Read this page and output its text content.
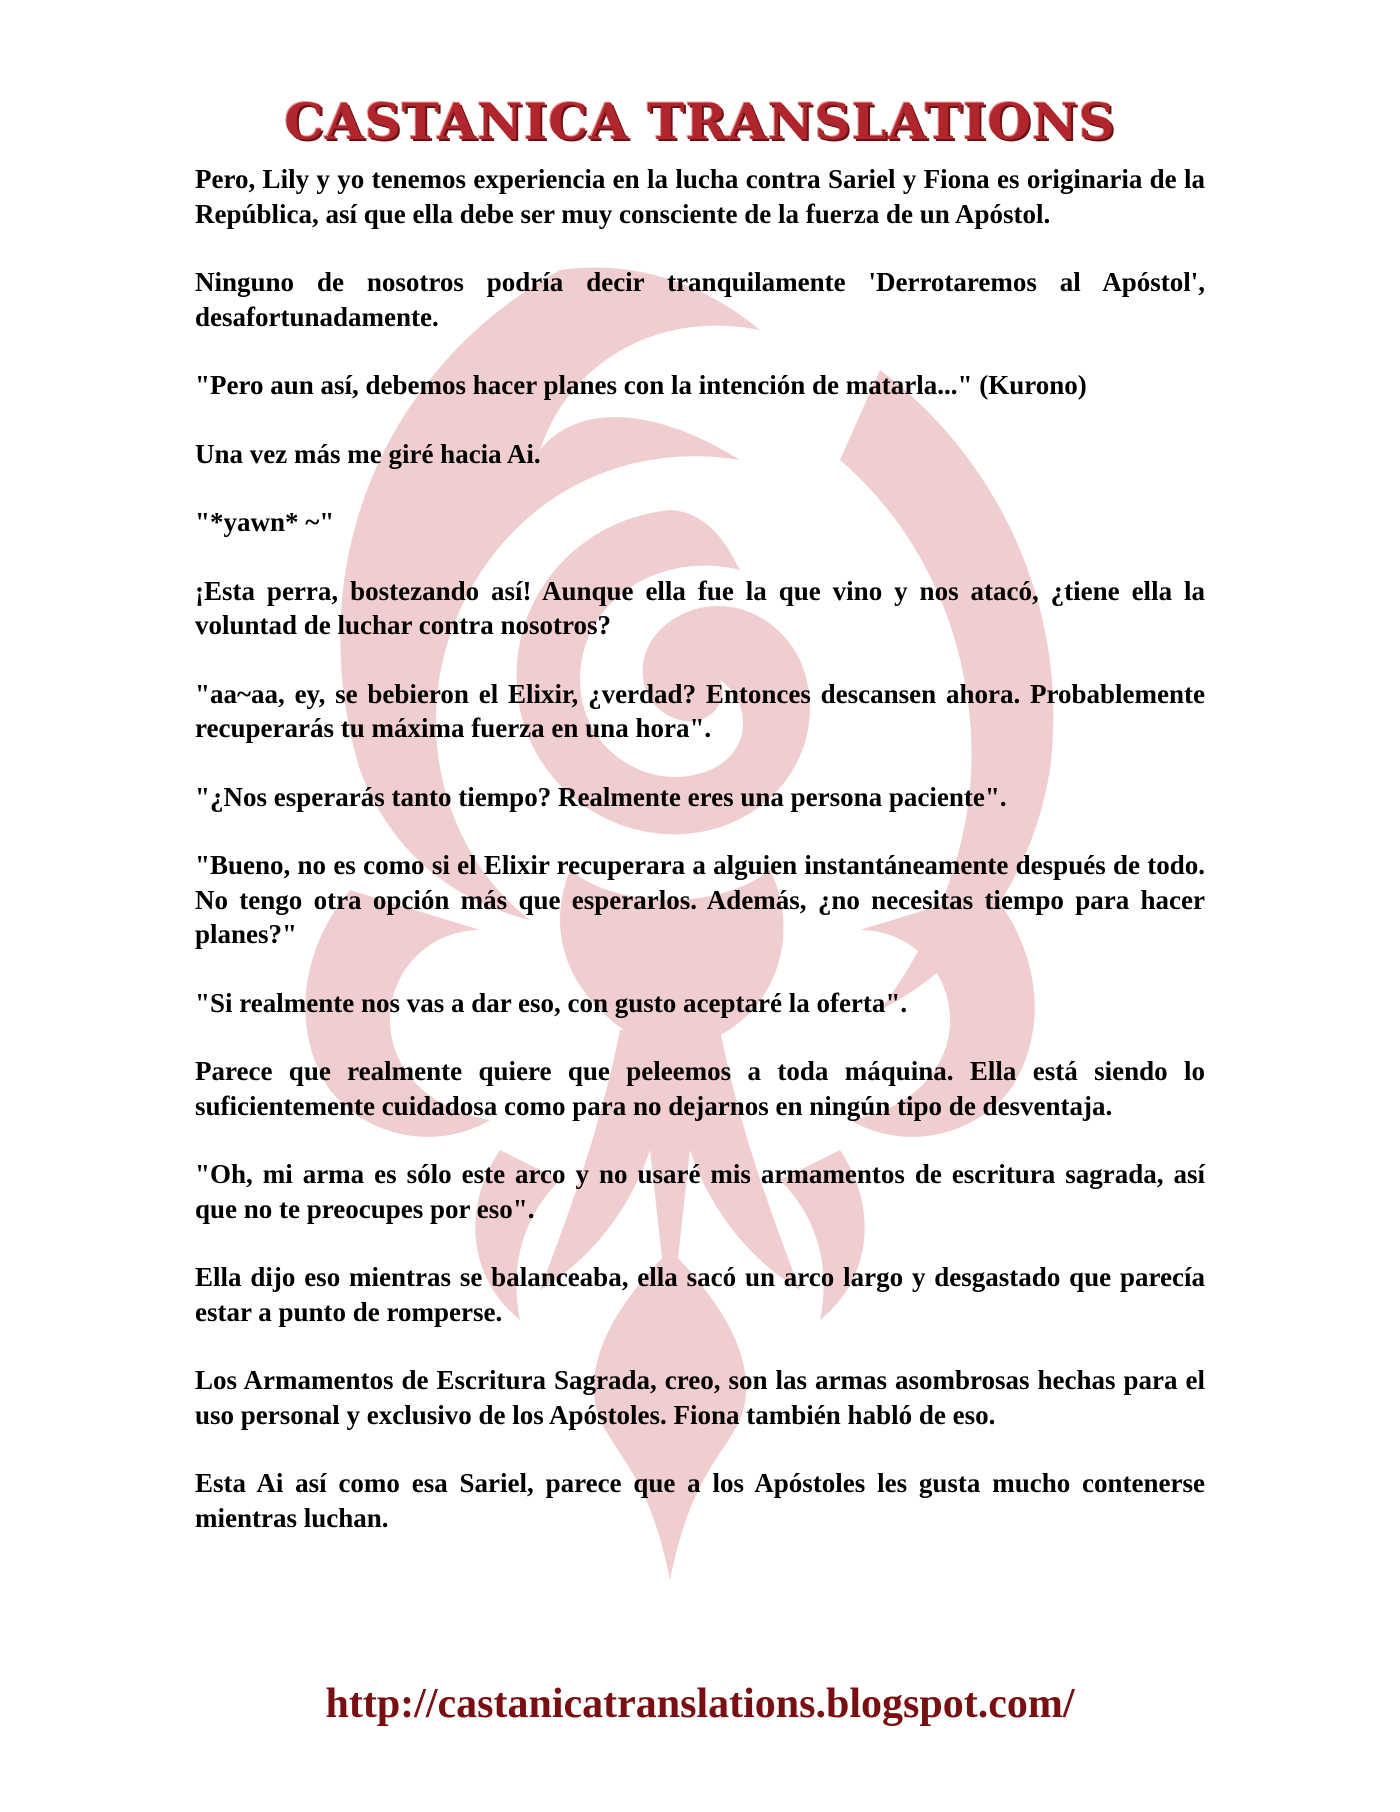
CASTANICA TRANSLATIONS

Pero, Lily y yo tenemos experiencia en la lucha contra Sariel y Fiona es originaria de la República, así que ella debe ser muy consciente de la fuerza de un Apóstol.

Ninguno de nosotros podría decir tranquilamente 'Derrotaremos al Apóstol', desafortunadamente.

"Pero aun así, debemos hacer planes con la intención de matarla..." (Kurono)

Una vez más me giré hacia Ai.

"*yawn* ~"

¡Esta perra, bostezando así! Aunque ella fue la que vino y nos atacó, ¿tiene ella la voluntad de luchar contra nosotros?

"aa~aa, ey, se bebieron el Elixir, ¿verdad? Entonces descansen ahora. Probablemente recuperarás tu máxima fuerza en una hora".

"¿Nos esperarás tanto tiempo? Realmente eres una persona paciente".

"Bueno, no es como si el Elixir recuperara a alguien instantáneamente después de todo. No tengo otra opción más que esperarlos. Además, ¿no necesitas tiempo para hacer planes?"

"Si realmente nos vas a dar eso, con gusto aceptaré la oferta".

Parece que realmente quiere que peleemos a toda máquina. Ella está siendo lo suficientemente cuidadosa como para no dejarnos en ningún tipo de desventaja.

"Oh, mi arma es sólo este arco y no usaré mis armamentos de escritura sagrada, así que no te preocupes por eso".

Ella dijo eso mientras se balanceaba, ella sacó un arco largo y desgastado que parecía estar a punto de romperse.

Los Armamentos de Escritura Sagrada, creo, son las armas asombrosas hechas para el uso personal y exclusivo de los Apóstoles. Fiona también habló de eso.

Esta Ai así como esa Sariel, parece que a los Apóstoles les gusta mucho contenerse mientras luchan.

http://castanicatranslations.blogspot.com/
